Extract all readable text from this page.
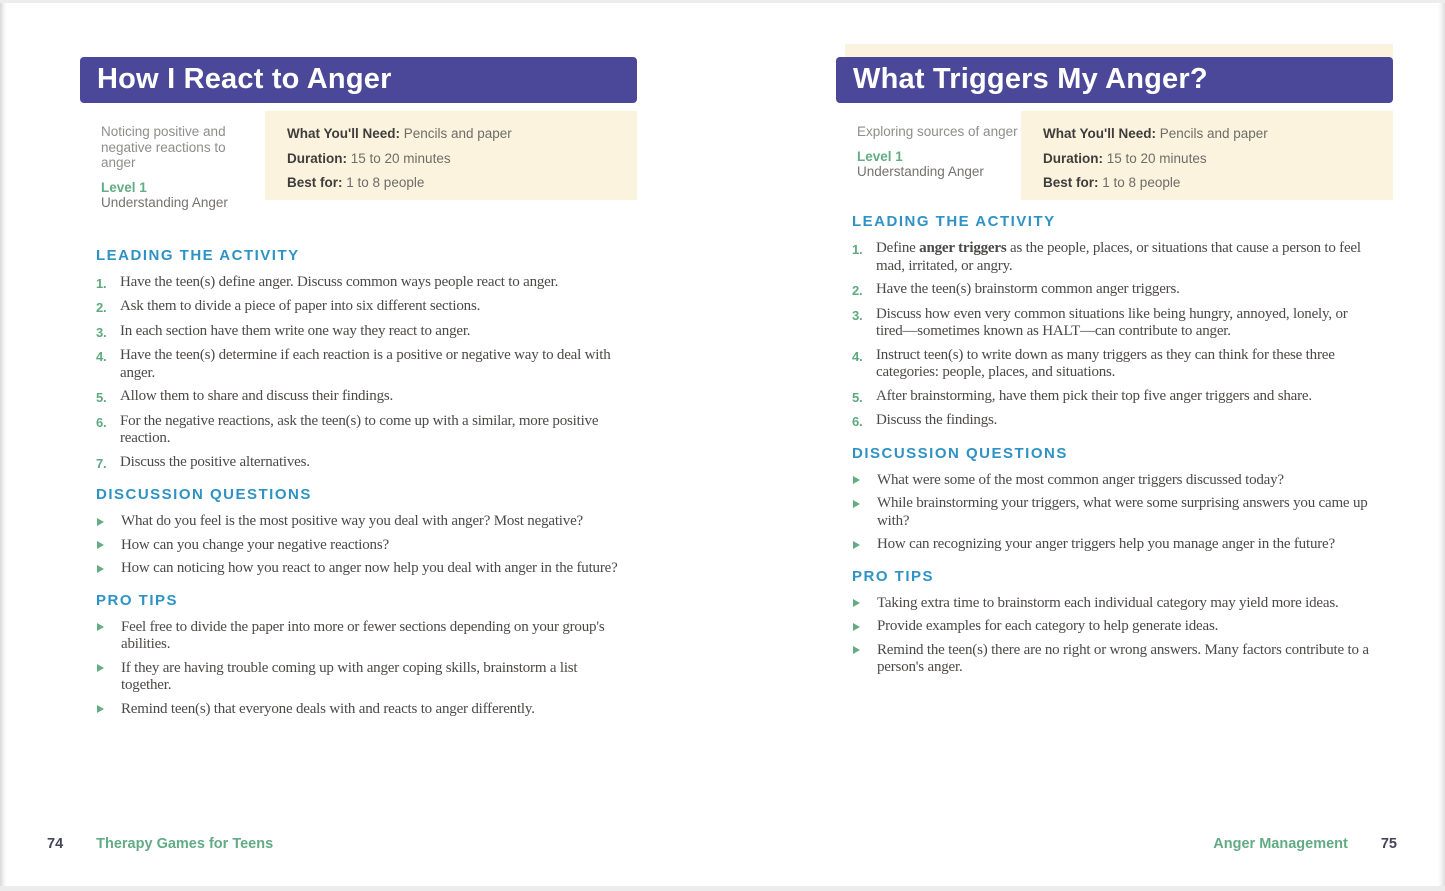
How I React to Anger

Noticing positive and negative reactions to anger

Level 1
Understanding Anger

What You'll Need: Pencils and paper

Duration: 15 to 20 minutes

Best for: 1 to 8 people

LEADING THE ACTIVITY
1. Have the teen(s) define anger. Discuss common ways people react to anger.
2. Ask them to divide a piece of paper into six different sections.
3. In each section have them write one way they react to anger.
4. Have the teen(s) determine if each reaction is a positive or negative way to deal with anger.
5. Allow them to share and discuss their findings.
6. For the negative reactions, ask the teen(s) to come up with a similar, more positive reaction.
7. Discuss the positive alternatives.
DISCUSSION QUESTIONS
What do you feel is the most positive way you deal with anger? Most negative?
How can you change your negative reactions?
How can noticing how you react to anger now help you deal with anger in the future?
PRO TIPS
Feel free to divide the paper into more or fewer sections depending on your group's abilities.
If they are having trouble coming up with anger coping skills, brainstorm a list together.
Remind teen(s) that everyone deals with and reacts to anger differently.
What Triggers My Anger?

Exploring sources of anger

Level 1
Understanding Anger

What You'll Need: Pencils and paper

Duration: 15 to 20 minutes

Best for: 1 to 8 people

LEADING THE ACTIVITY
1. Define anger triggers as the people, places, or situations that cause a person to feel mad, irritated, or angry.
2. Have the teen(s) brainstorm common anger triggers.
3. Discuss how even very common situations like being hungry, annoyed, lonely, or tired—sometimes known as HALT—can contribute to anger.
4. Instruct teen(s) to write down as many triggers as they can think for these three categories: people, places, and situations.
5. After brainstorming, have them pick their top five anger triggers and share.
6. Discuss the findings.
DISCUSSION QUESTIONS
What were some of the most common anger triggers discussed today?
While brainstorming your triggers, what were some surprising answers you came up with?
How can recognizing your anger triggers help you manage anger in the future?
PRO TIPS
Taking extra time to brainstorm each individual category may yield more ideas.
Provide examples for each category to help generate ideas.
Remind the teen(s) there are no right or wrong answers. Many factors contribute to a person's anger.
74 Therapy Games for Teens	Anger Management 75
